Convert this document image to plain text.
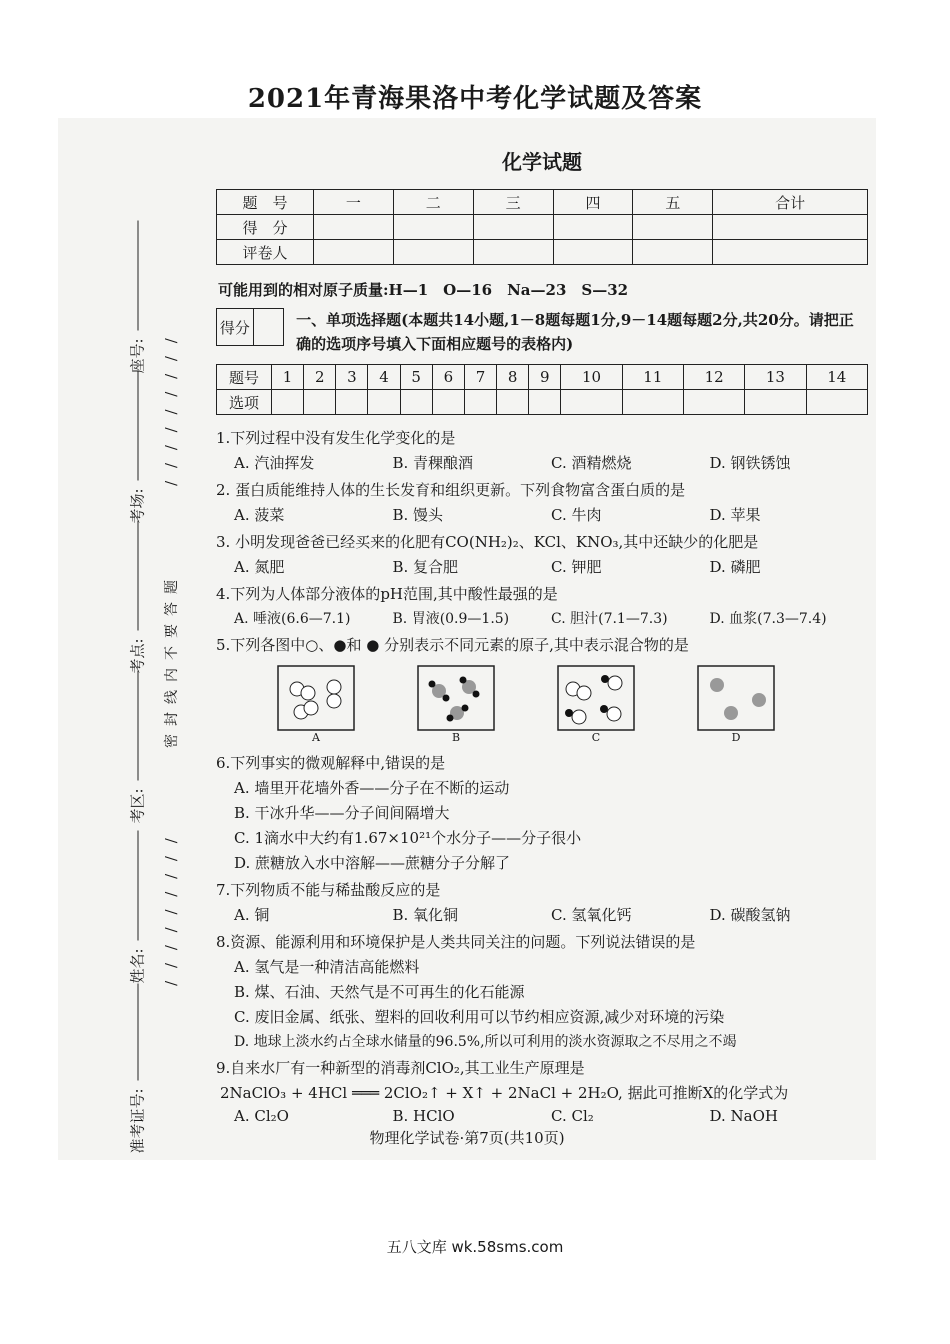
2021年青海果洛中考化学试题及答案
准考证号:
姓名:
考区:
考点:
考场:
座号: / / / / / / / / /
密封线内不要答题
/ / / / / / / / /
化学试题
题　号	一	二	三	四	五	合计
得　分						
评卷人						
可能用到的相对原子质量:H—1　O—16　Na—23　S—32
得分		一、单项选择题(本题共14小题,1－8题每题1分,9－14题每题2分,共20分。请把正确的选项序号填入下面相应题号的表格内)
题号	1	2	3	4	5	6	7	8	9	10	11	12	13	14
选项														
1.下列过程中没有发生化学变化的是
A. 汽油挥发	B. 青稞酿酒	C. 酒精燃烧	D. 钢铁锈蚀
2. 蛋白质能维持人体的生长发育和组织更新。下列食物富含蛋白质的是
A. 菠菜	B. 馒头	C. 牛肉	D. 苹果
3. 小明发现爸爸已经买来的化肥有CO(NH₂)₂、KCl、KNO₃,其中还缺少的化肥是
A. 氮肥	B. 复合肥	C. 钾肥	D. 磷肥
4.下列为人体部分液体的pH范围,其中酸性最强的是
A. 唾液(6.6—7.1)	B. 胃液(0.9—1.5)	C. 胆汁(7.1—7.3)	D. 血浆(7.3—7.4)
5.下列各图中○、●和 ● 分别表示不同元素的原子,其中表示混合物的是
A	B	C	D
6.下列事实的微观解释中,错误的是
A. 墙里开花墙外香——分子在不断的运动
B. 干冰升华——分子间间隔增大
C. 1滴水中大约有1.67×10²¹个水分子——分子很小
D. 蔗糖放入水中溶解——蔗糖分子分解了
7.下列物质不能与稀盐酸反应的是
A. 铜	B. 氧化铜	C. 氢氧化钙	D. 碳酸氢钠
8.资源、能源利用和环境保护是人类共同关注的问题。下列说法错误的是
A. 氢气是一种清洁高能燃料
B. 煤、石油、天然气是不可再生的化石能源
C. 废旧金属、纸张、塑料的回收利用可以节约相应资源,减少对环境的污染
D. 地球上淡水约占全球水储量的96.5%,所以可利用的淡水资源取之不尽用之不竭
9.自来水厂有一种新型的消毒剂ClO₂,其工业生产原理是
2NaClO₃ + 4HCl ═══ 2ClO₂↑ + X↑ + 2NaCl + 2H₂O, 据此可推断X的化学式为
A. Cl₂O	B. HClO	C. Cl₂	D. NaOH
物理化学试卷·第7页(共10页)
五八文库 wk.58sms.com
